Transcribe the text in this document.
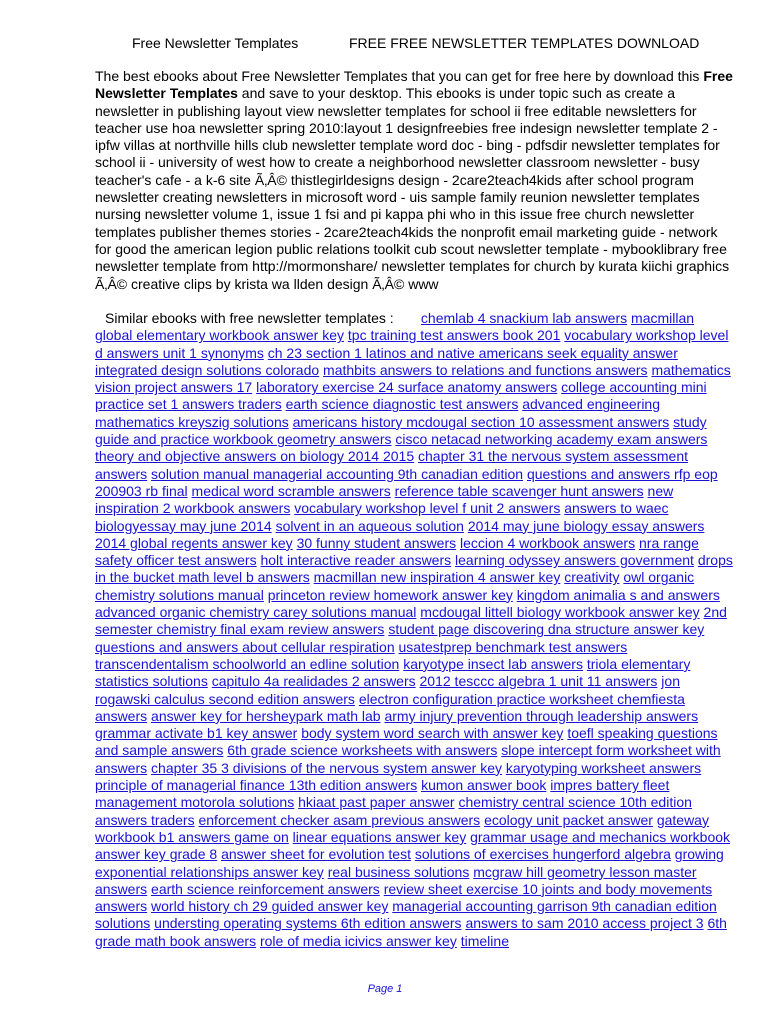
Free Newsletter Templates	FREE FREE NEWSLETTER TEMPLATES DOWNLOAD
The best ebooks about Free Newsletter Templates that you can get for free here by download this Free Newsletter Templates and save to your desktop. This ebooks is under topic such as create a newsletter in publishing layout view newsletter templates for school ii free editable newsletters for teacher use hoa newsletter spring 2010:layout 1 designfreebies free indesign newsletter template 2 - ipfw villas at northville hills club newsletter template word doc - bing - pdfsdir newsletter templates for school ii - university of west how to create a neighborhood newsletter classroom newsletter - busy teacher's cafe - a k-6 site Ã‚Â© thistlegirldesigns design - 2care2teach4kids after school program newsletter creating newsletters in microsoft word - uis sample family reunion newsletter templates nursing newsletter volume 1, issue 1 fsi and pi kappa phi who in this issue free church newsletter templates publisher themes stories - 2care2teach4kids the nonprofit email marketing guide - network for good the american legion public relations toolkit cub scout newsletter template - mybooklibrary free newsletter template from http://mormonshare/ newsletter templates for church by kurata kiichi graphics Ã‚Â© creative clips by krista wa llden design Ã‚Â© www
Similar ebooks with free newsletter templates : chemlab 4 snackium lab answers macmillan global elementary workbook answer key tpc training test answers book 201 vocabulary workshop level d answers unit 1 synonyms ch 23 section 1 latinos and native americans seek equality answer integrated design solutions colorado mathbits answers to relations and functions answers mathematics vision project answers 17 laboratory exercise 24 surface anatomy answers college accounting mini practice set 1 answers traders earth science diagnostic test answers advanced engineering mathematics kreyszig solutions americans history mcdougal section 10 assessment answers study guide and practice workbook geometry answers cisco netacad networking academy exam answers theory and objective answers on biology 2014 2015 chapter 31 the nervous system assessment answers solution manual managerial accounting 9th canadian edition questions and answers rfp eop 200903 rb final medical word scramble answers reference table scavenger hunt answers new inspiration 2 workbook answers vocabulary workshop level f unit 2 answers answers to waec biologyessay may june 2014 solvent in an aqueous solution 2014 may june biology essay answers 2014 global regents answer key 30 funny student answers leccion 4 workbook answers nra range safety officer test answers holt interactive reader answers learning odyssey answers government drops in the bucket math level b answers macmillan new inspiration 4 answer key creativity owl organic chemistry solutions manual princeton review homework answer key kingdom animalia s and answers advanced organic chemistry carey solutions manual mcdougal littell biology workbook answer key 2nd semester chemistry final exam review answers student page discovering dna structure answer key questions and answers about cellular respiration usatestprep benchmark test answers transcendentalism schoolworld an edline solution karyotype insect lab answers triola elementary statistics solutions capitulo 4a realidades 2 answers 2012 tesccc algebra 1 unit 11 answers jon rogawski calculus second edition answers electron configuration practice worksheet chemfiesta answers answer key for hersheypark math lab army injury prevention through leadership answers grammar activate b1 key answer body system word search with answer key toefl speaking questions and sample answers 6th grade science worksheets with answers slope intercept form worksheet with answers chapter 35 3 divisions of the nervous system answer key karyotyping worksheet answers principle of managerial finance 13th edition answers kumon answer book impres battery fleet management motorola solutions hkiaat past paper answer chemistry central science 10th edition answers traders enforcement checker asam previous answers ecology unit packet answer gateway workbook b1 answers game on linear equations answer key grammar usage and mechanics workbook answer key grade 8 answer sheet for evolution test solutions of exercises hungerford algebra growing exponential relationships answer key real business solutions mcgraw hill geometry lesson master answers earth science reinforcement answers review sheet exercise 10 joints and body movements answers world history ch 29 guided answer key managerial accounting garrison 9th canadian edition solutions understing operating systems 6th edition answers answers to sam 2010 access project 3 6th grade math book answers role of media icivics answer key timeline
Page 1
